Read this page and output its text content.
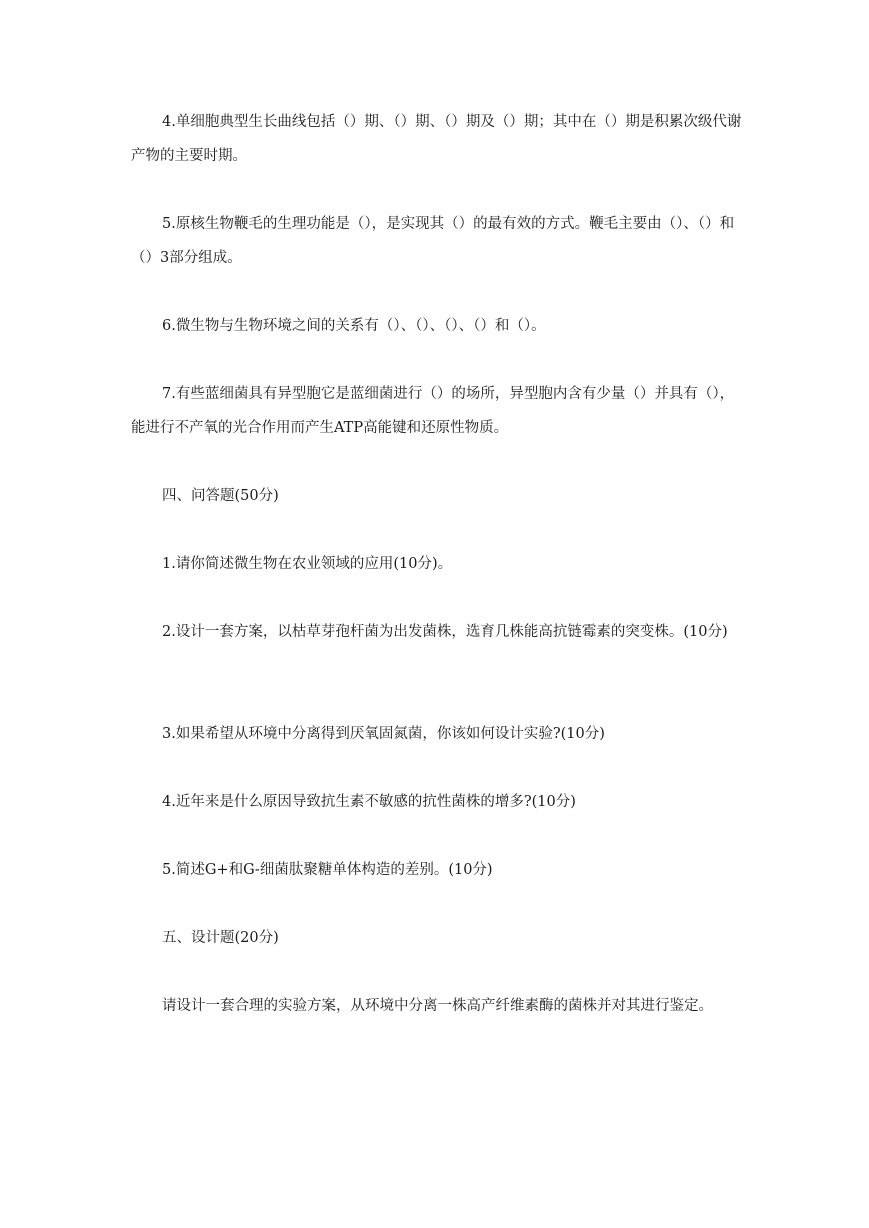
4.单细胞典型生长曲线包括（）期、（）期、（）期及（）期；其中在（）期是积累次级代谢产物的主要时期。

5.原核生物鞭毛的生理功能是（），是实现其（）的最有效的方式。鞭毛主要由（）、（）和（）3部分组成。

6.微生物与生物环境之间的关系有（）、（）、（）、（）和（）。

7.有些蓝细菌具有异型胞它是蓝细菌进行（）的场所，异型胞内含有少量（）并具有（），能进行不产氧的光合作用而产生ATP高能键和还原性物质。

四、问答题(50分)

1.请你简述微生物在农业领域的应用(10分)。

2.设计一套方案，以枯草芽孢杆菌为出发菌株，选育几株能高抗链霉素的突变株。(10分)

3.如果希望从环境中分离得到厌氧固氮菌，你该如何设计实验?(10分)

4.近年来是什么原因导致抗生素不敏感的抗性菌株的增多?(10分)

5.简述G+和G-细菌肽聚糖单体构造的差别。(10分)

五、设计题(20分)

请设计一套合理的实验方案，从环境中分离一株高产纤维素酶的菌株并对其进行鉴定。
